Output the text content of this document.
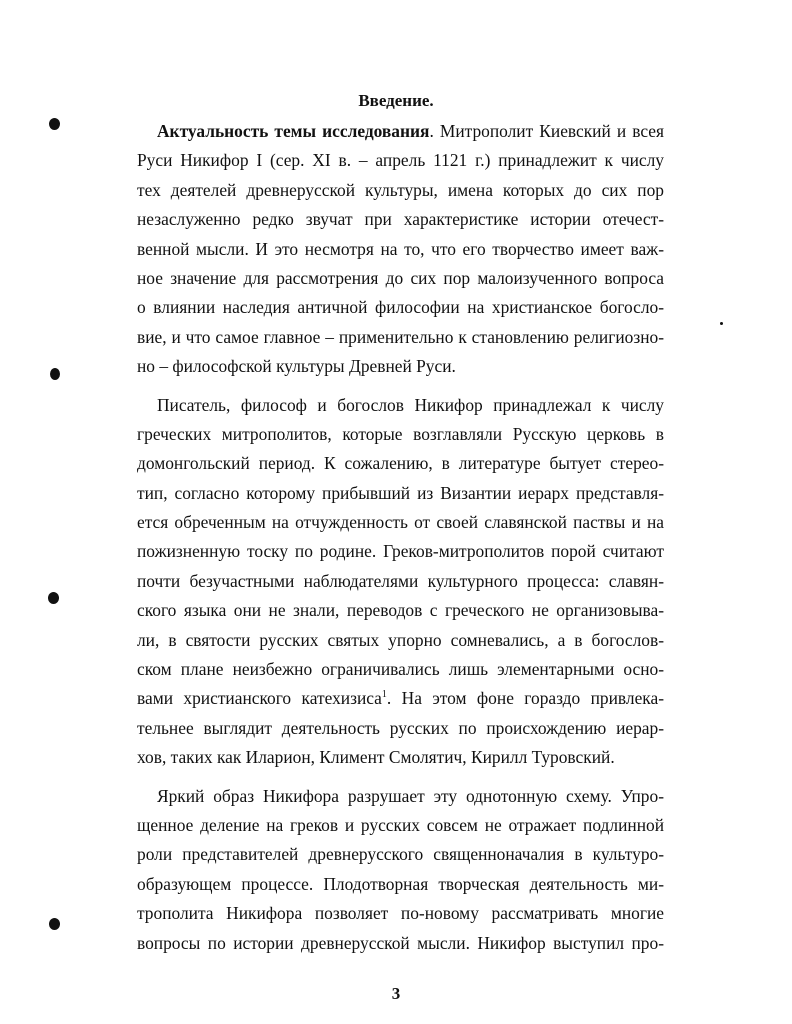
Введение.
Актуальность темы исследования. Митрополит Киевский и всея
Руси Никифор I (сер. XI в. – апрель 1121 г.) принадлежит к числу
тех деятелей древнерусской культуры, имена которых до сих пор
незаслуженно редко звучат при характеристике истории отечест-
венной мысли. И это несмотря на то, что его творчество имеет важ-
ное значение для рассмотрения до сих пор малоизученного вопроса
о влиянии наследия античной философии на христианское богосло-
вие, и что самое главное – применительно к становлению религиозно-
но – философской культуры Древней Руси.
Писатель, философ и богослов Никифор принадлежал к числу
греческих митрополитов, которые возглавляли Русскую церковь в
домонгольский период. К сожалению, в литературе бытует стерео-
тип, согласно которому прибывший из Византии иерарх представля-
ется обреченным на отчужденность от своей славянской паствы и на
пожизненную тоску по родине. Греков-митрополитов порой считают
почти безучастными наблюдателями культурного процесса: славян-
ского языка они не знали, переводов с греческого не организовыва-
ли, в святости русских святых упорно сомневались, а в богослов-
ском плане неизбежно ограничивались лишь элементарными осно-
вами христианского катехизиса$^1$. На этом фоне гораздо привлека-
тельнее выглядит деятельность русских по происхождению иерар-
хов, таких как Иларион, Климент Смолятич, Кирилл Туровский.
Яркий образ Никифора разрушает эту однотонную схему. Упро-
щенное деление на греков и русских совсем не отражает подлинной
роли представителей древнерусского священноначалия в культуро-
образующем процессе. Плодотворная творческая деятельность ми-
трополита Никифора позволяет по-новому рассматривать многие
вопросы по истории древнерусской мысли. Никифор выступил про-
3
